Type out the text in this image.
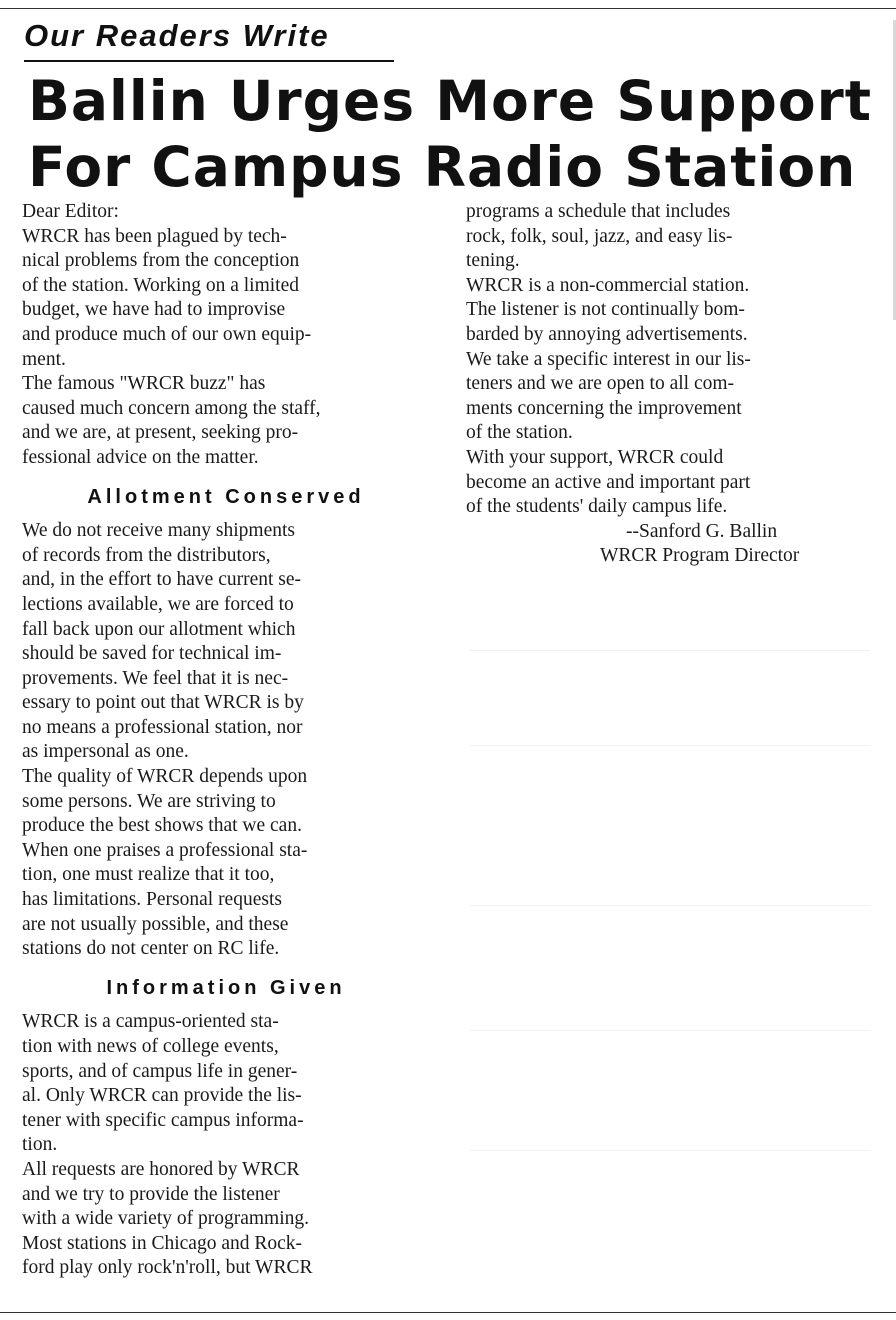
Our Readers Write
Ballin Urges More Support
For Campus Radio Station

Dear Editor:

WRCR has been plagued by tech-
nical problems from the conception
of the station. Working on a limited
budget, we have had to improvise
and produce much of our own equip-
ment.

The famous "WRCR buzz" has
caused much concern among the staff,
and we are, at present, seeking pro-
fessional advice on the matter.

Allotment Conserved

We do not receive many shipments
of records from the distributors,
and, in the effort to have current se-
lections available, we are forced to
fall back upon our allotment which
should be saved for technical im-
provements. We feel that it is nec-
essary to point out that WRCR is by
no means a professional station, nor
as impersonal as one.

The quality of WRCR depends upon
some persons. We are striving to
produce the best shows that we can.
When one praises a professional sta-
tion, one must realize that it too,
has limitations. Personal requests
are not usually possible, and these
stations do not center on RC life.

Information Given

WRCR is a campus-oriented sta-
tion with news of college events,
sports, and of campus life in gener-
al. Only WRCR can provide the lis-
tener with specific campus informa-
tion.

All requests are honored by WRCR
and we try to provide the listener
with a wide variety of programming.
Most stations in Chicago and Rock-
ford play only rock'n'roll, but WRCR

programs a schedule that includes
rock, folk, soul, jazz, and easy lis-
tening.

WRCR is a non-commercial station.
The listener is not continually bom-
barded by annoying advertisements.
We take a specific interest in our lis-
teners and we are open to all com-
ments concerning the improvement
of the station.

With your support, WRCR could
become an active and important part
of the students' daily campus life.

--Sanford G. Ballin

WRCR Program Director
